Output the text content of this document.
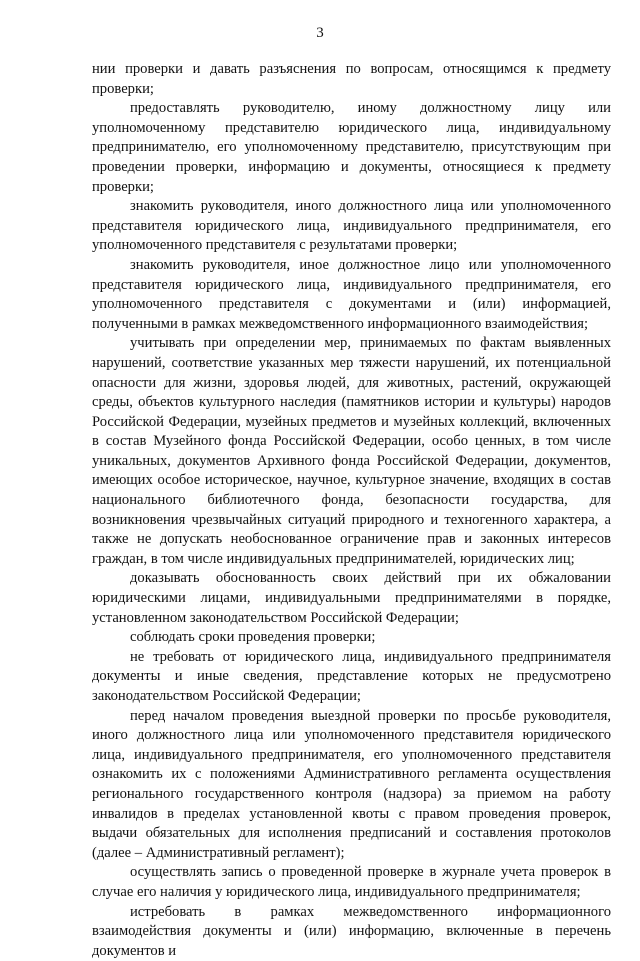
3

нии проверки и давать разъяснения по вопросам, относящимся к предмету проверки;

предоставлять руководителю, иному должностному лицу или уполномоченному представителю юридического лица, индивидуальному предпринимателю, его уполномоченному представителю, присутствующим при проведении проверки, информацию и документы, относящиеся к предмету проверки;

знакомить руководителя, иного должностного лица или уполномоченного представителя юридического лица, индивидуального предпринимателя, его уполномоченного представителя с результатами проверки;

знакомить руководителя, иное должностное лицо или уполномоченного представителя юридического лица, индивидуального предпринимателя, его уполномоченного представителя с документами и (или) информацией, полученными в рамках межведомственного информационного взаимодействия;

учитывать при определении мер, принимаемых по фактам выявленных нарушений, соответствие указанных мер тяжести нарушений, их потенциальной опасности для жизни, здоровья людей, для животных, растений, окружающей среды, объектов культурного наследия (памятников истории и культуры) народов Российской Федерации, музейных предметов и музейных коллекций, включенных в состав Музейного фонда Российской Федерации, особо ценных, в том числе уникальных, документов Архивного фонда Российской Федерации, документов, имеющих особое историческое, научное, культурное значение, входящих в состав национального библиотечного фонда, безопасности государства, для возникновения чрезвычайных ситуаций природного и техногенного характера, а также не допускать необоснованное ограничение прав и законных интересов граждан, в том числе индивидуальных предпринимателей, юридических лиц;

доказывать обоснованность своих действий при их обжаловании юридическими лицами, индивидуальными предпринимателями в порядке, установленном законодательством Российской Федерации;

соблюдать сроки проведения проверки;

не требовать от юридического лица, индивидуального предпринимателя документы и иные сведения, представление которых не предусмотрено законодательством Российской Федерации;

перед началом проведения выездной проверки по просьбе руководителя, иного должностного лица или уполномоченного представителя юридического лица, индивидуального предпринимателя, его уполномоченного представителя ознакомить их с положениями Административного регламента осуществления регионального государственного контроля (надзора) за приемом на работу инвалидов в пределах установленной квоты с правом проведения проверок, выдачи обязательных для исполнения предписаний и составления протоколов (далее – Административный регламент);

осуществлять запись о проведенной проверке в журнале учета проверок в случае его наличия у юридического лица, индивидуального предпринимателя;

истребовать в рамках межведомственного информационного взаимодействия документы и (или) информацию, включенные в перечень документов и
